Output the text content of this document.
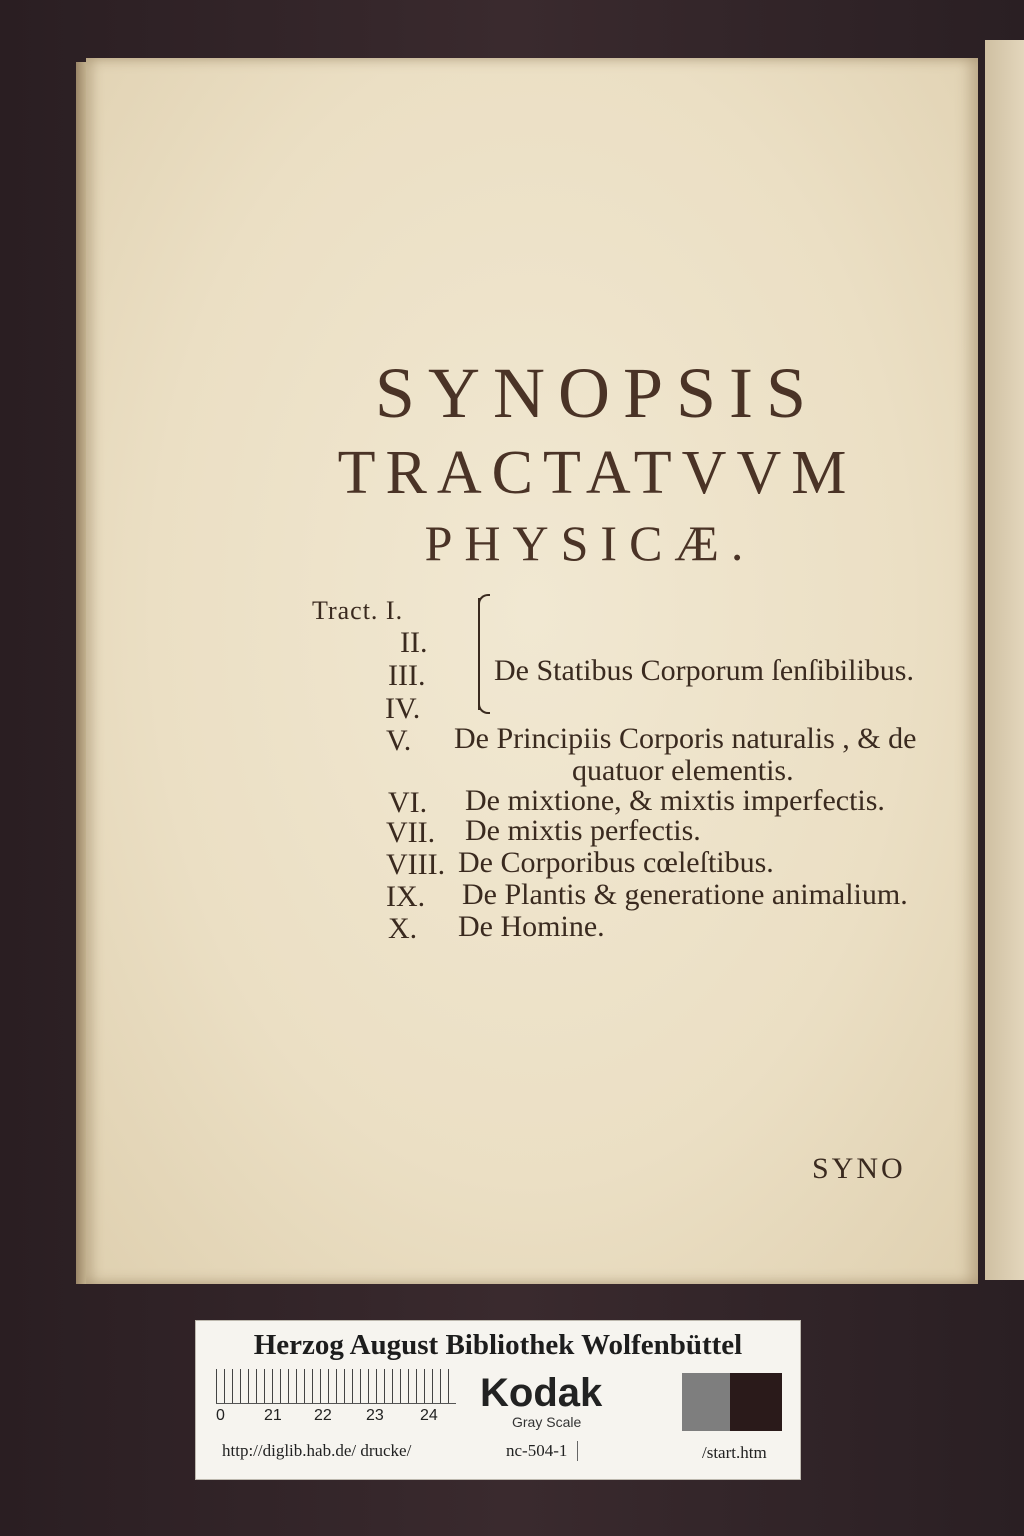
SYNOPSIS
TRACTATVVM
PHYSICÆ.
Tract. I.
II.
III.
IV.
De Statibus Corporum ſenſibilibus.
V. De Principiis Corporis naturalis , & de
quatuor elementis.
VI. De mixtione, & mixtis imperfectis.
VII. De mixtis perfectis.
VIII. De Corporibus cœleſtibus.
IX. De Plantis & generatione animalium.
X. De Homine.
SYNO
Herzog August Bibliothek Wolfenbüttel
0 21 22 23 24
Kodak
Gray Scale
http://diglib.hab.de/ drucke/	nc-504-1	/start.htm
